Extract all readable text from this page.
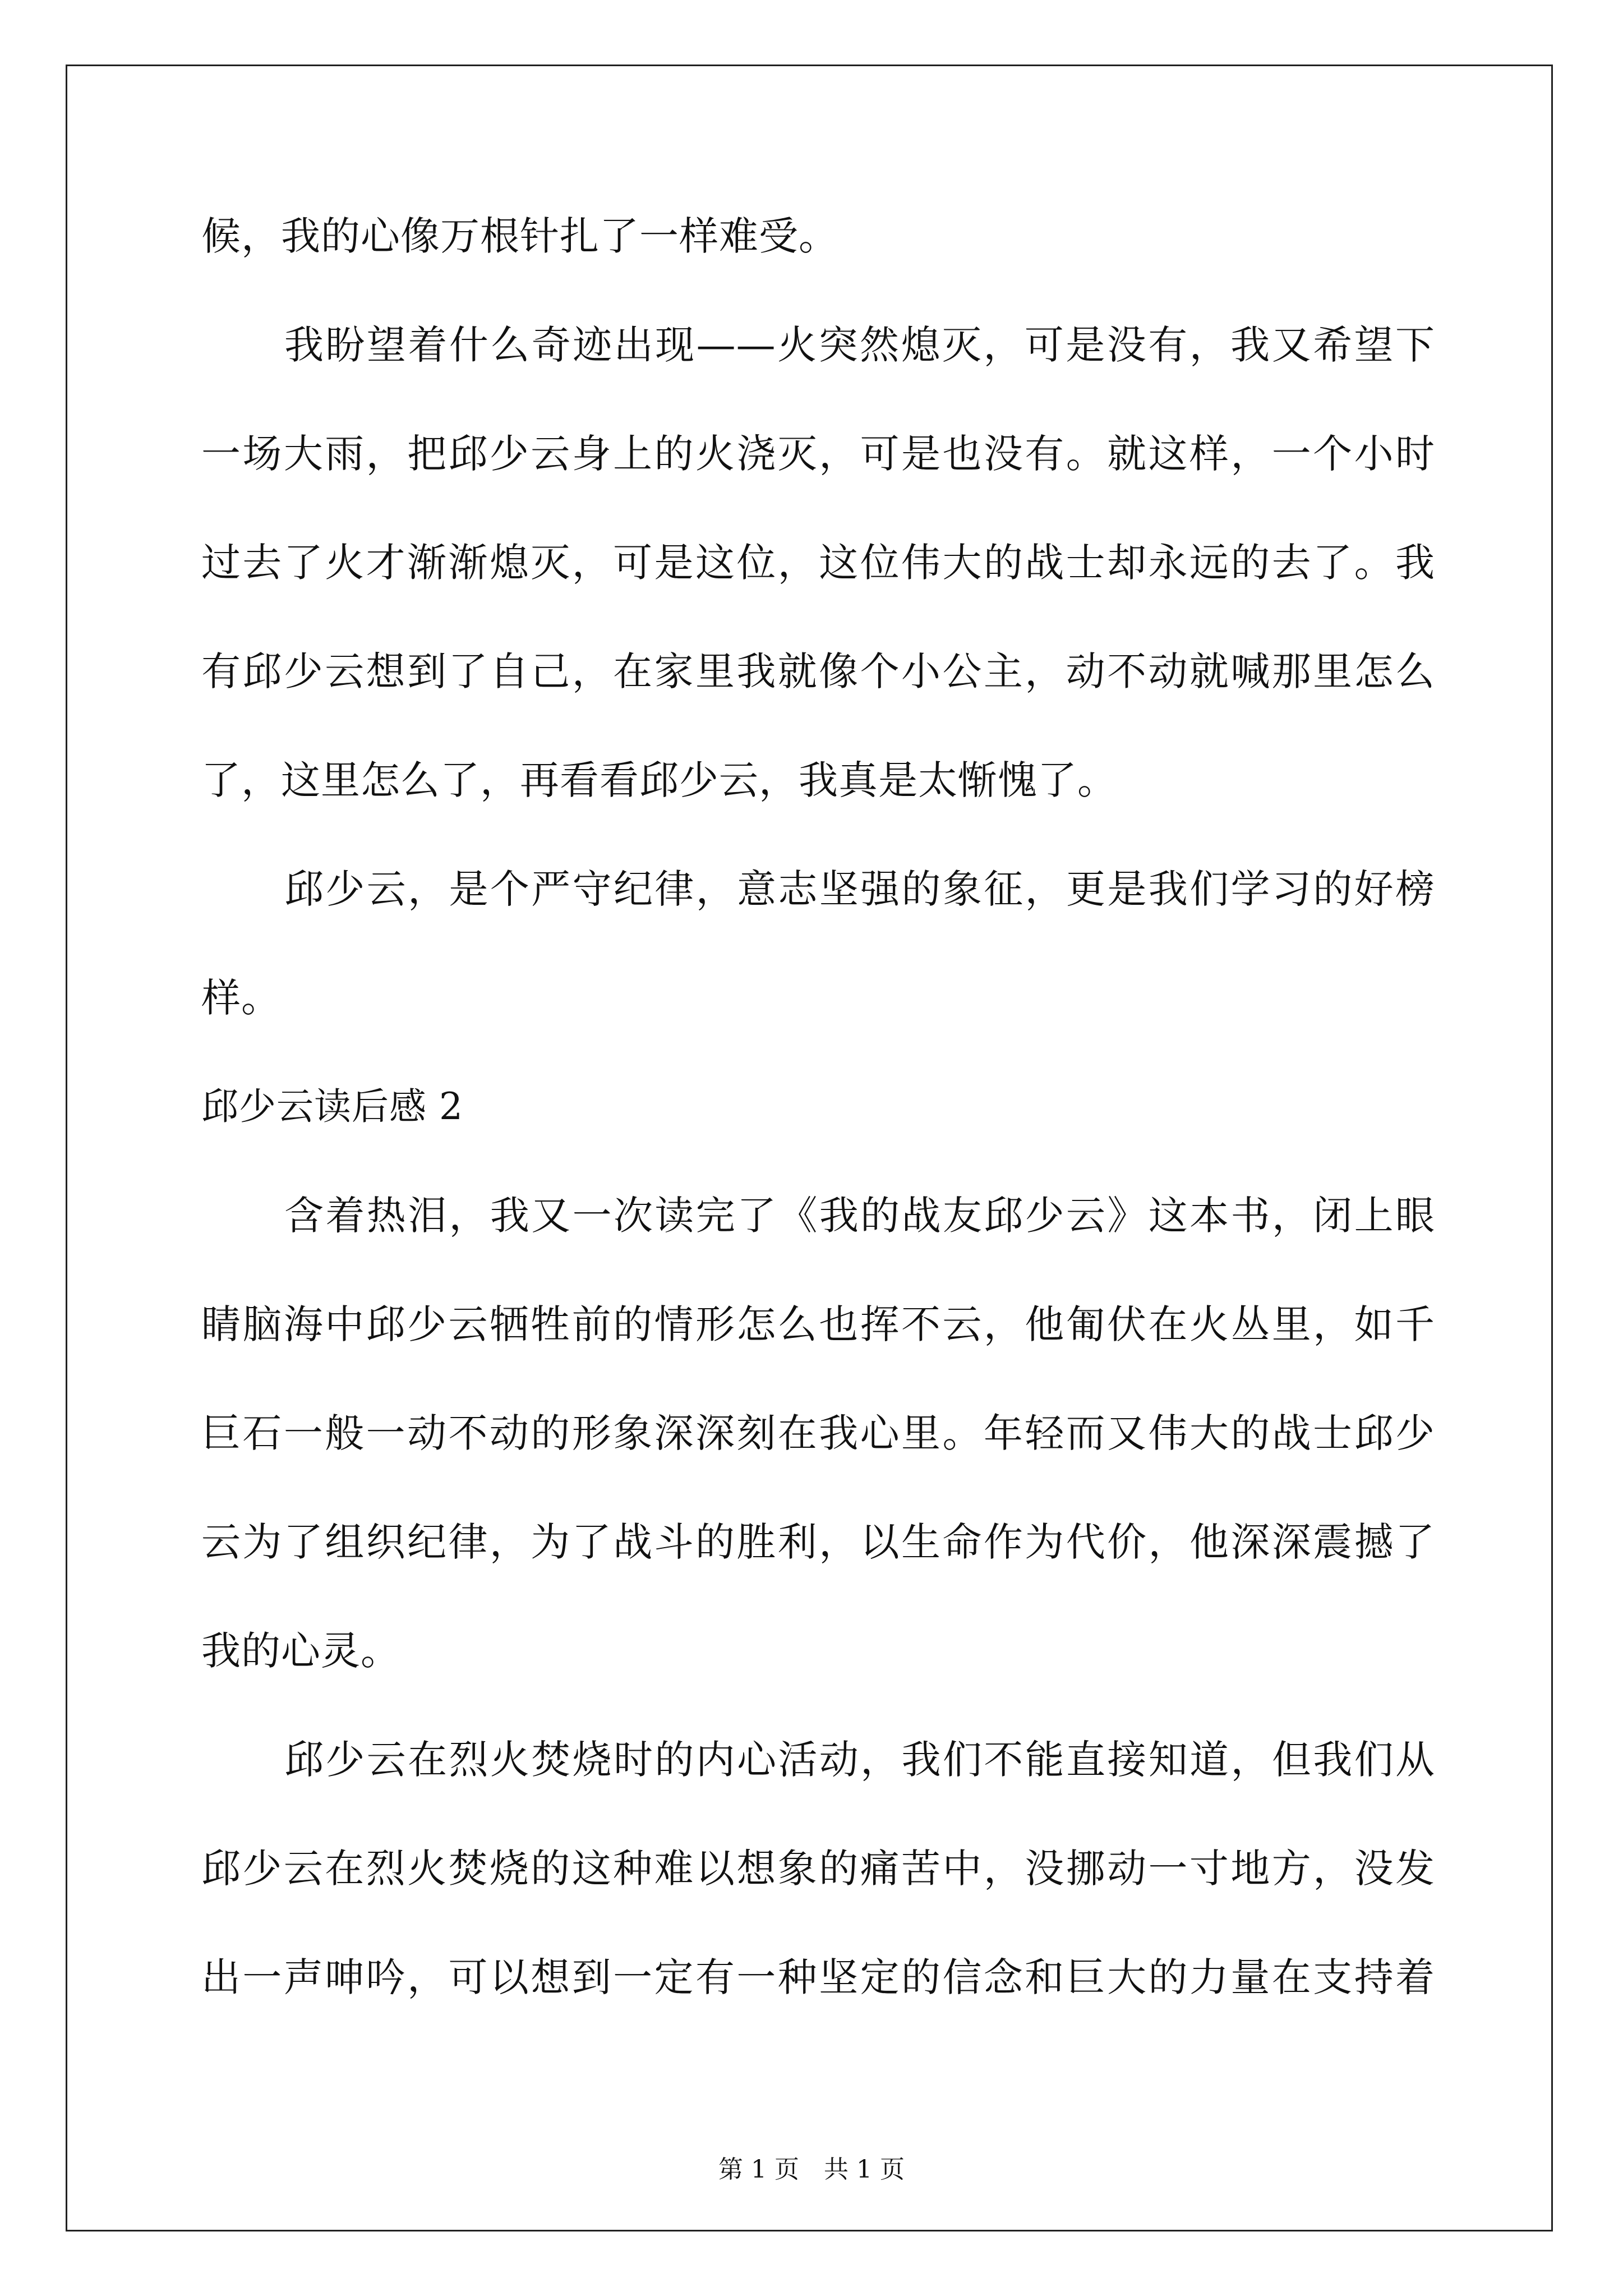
候，我的心像万根针扎了一样难受。
我盼望着什么奇迹出现——火突然熄灭，可是没有，我又希望下
一场大雨，把邱少云身上的火浇灭，可是也没有。就这样，一个小时
过去了火才渐渐熄灭，可是这位，这位伟大的战士却永远的去了。我
有邱少云想到了自己，在家里我就像个小公主，动不动就喊那里怎么
了，这里怎么了，再看看邱少云，我真是太惭愧了。
邱少云，是个严守纪律，意志坚强的象征，更是我们学习的好榜
样。
邱少云读后感 2
含着热泪，我又一次读完了《我的战友邱少云》这本书，闭上眼
睛脑海中邱少云牺牲前的情形怎么也挥不云，他匍伏在火丛里，如千
巨石一般一动不动的形象深深刻在我心里。年轻而又伟大的战士邱少
云为了组织纪律，为了战斗的胜利，以生命作为代价，他深深震撼了
我的心灵。
邱少云在烈火焚烧时的内心活动，我们不能直接知道，但我们从
邱少云在烈火焚烧的这种难以想象的痛苦中，没挪动一寸地方，没发
出一声呻吟，可以想到一定有一种坚定的信念和巨大的力量在支持着
第 1 页　共 1 页
